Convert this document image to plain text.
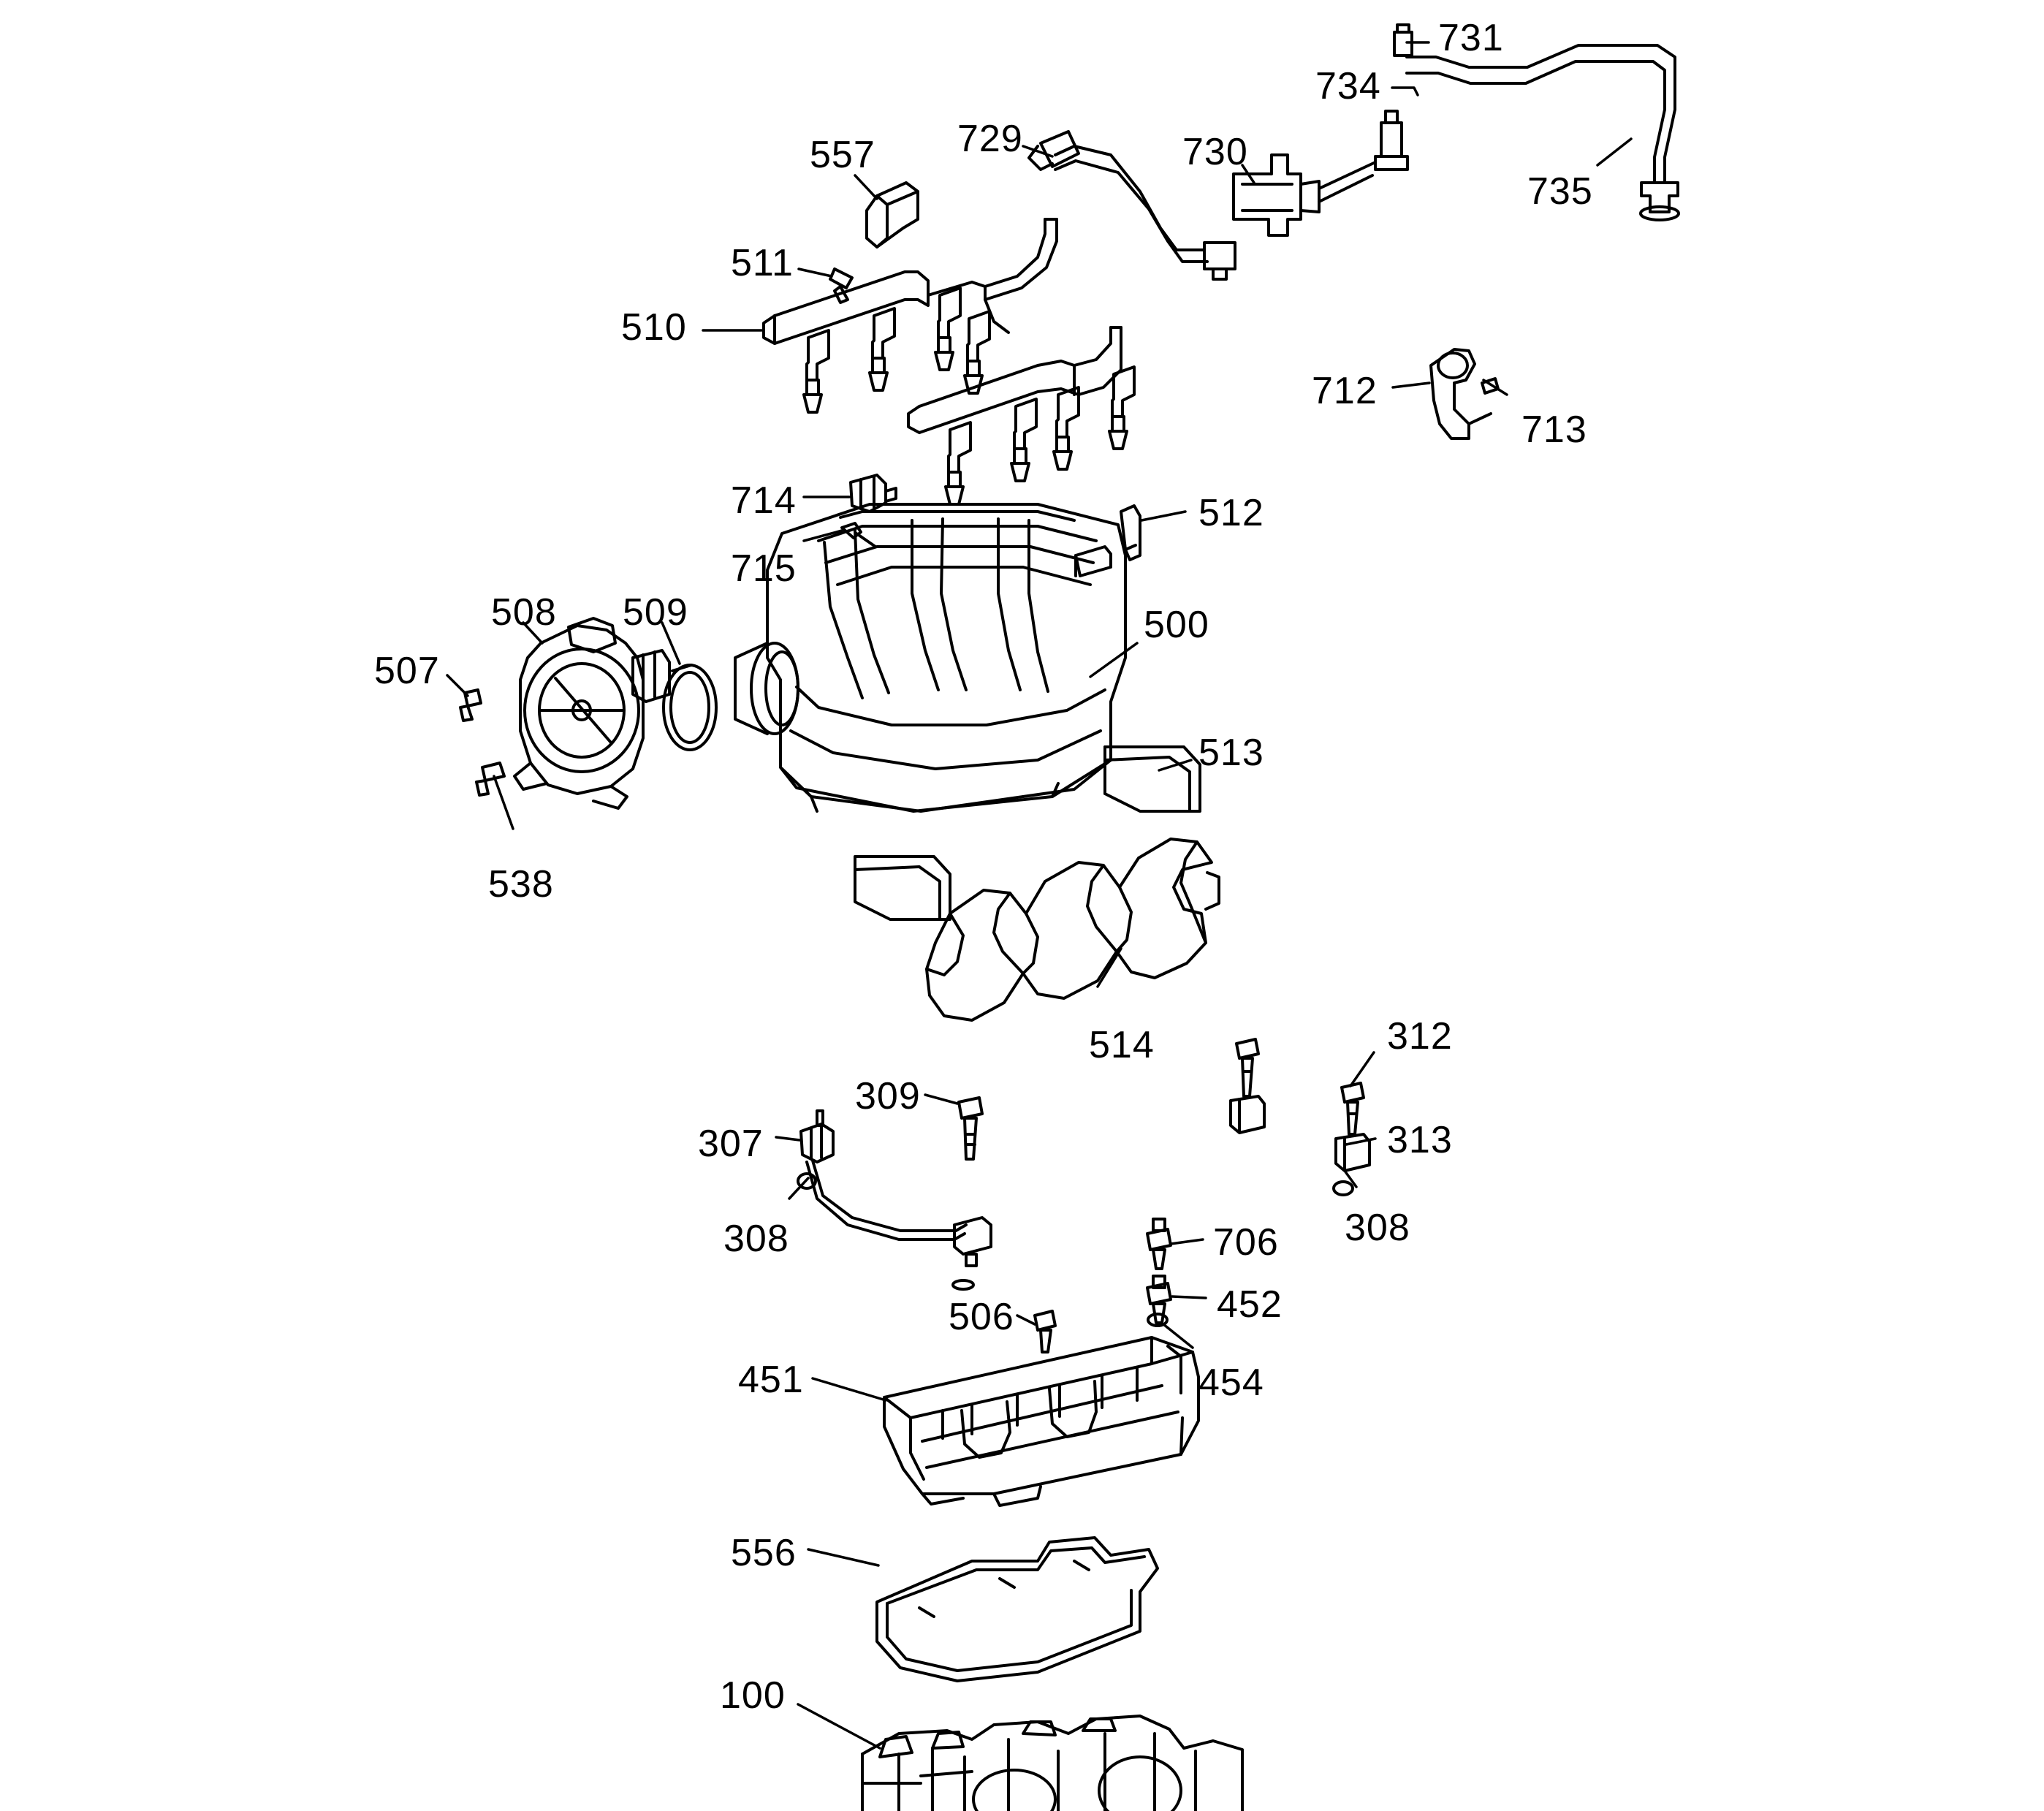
731
734
557 729	730
735
511
510
712
713
714	512
715
508 509	500
507
513
538
514	312
309
313
307
308	308
706
452
506
454
451
556
100
